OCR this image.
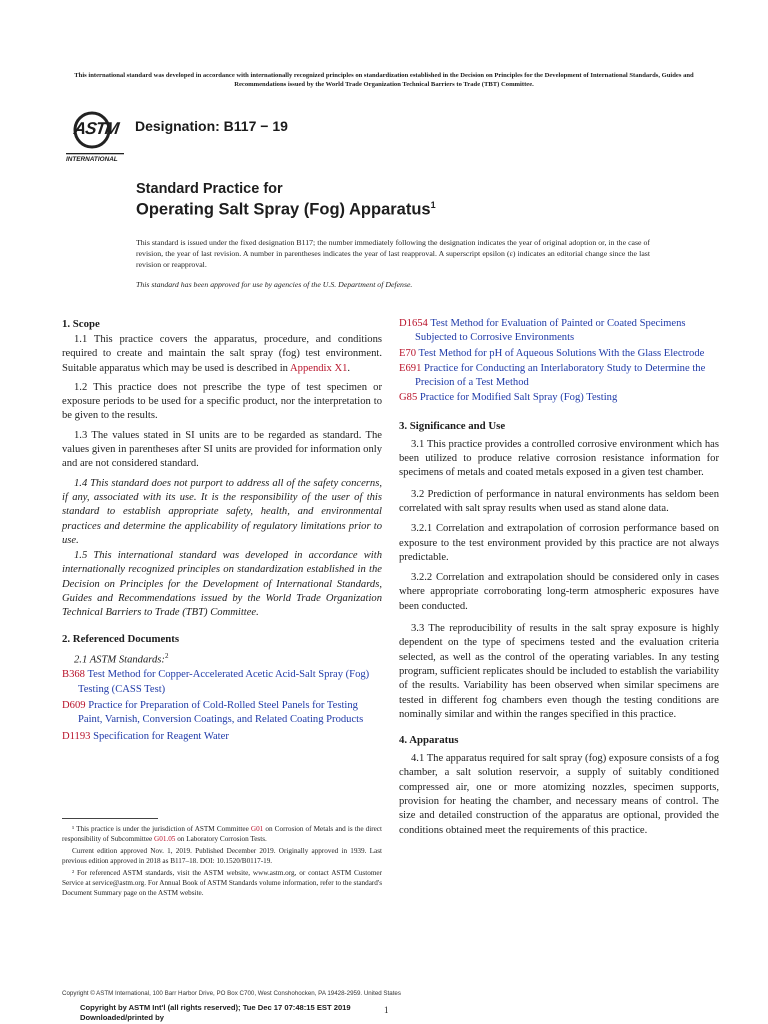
This international standard was developed in accordance with internationally recognized principles on standardization established in the Decision on Principles for the Development of International Standards, Guides and Recommendations issued by the World Trade Organization Technical Barriers to Trade (TBT) Committee.
ASTM
INTERNATIONAL
Designation: B117 − 19
Standard Practice for
Operating Salt Spray (Fog) Apparatus$^1$
This standard is issued under the fixed designation B117; the number immediately following the designation indicates the year of original adoption or, in the case of revision, the year of last revision. A number in parentheses indicates the year of last reapproval. A superscript epsilon (ε) indicates an editorial change since the last revision or reapproval.
This standard has been approved for use by agencies of the U.S. Department of Defense.

1. Scope

1.1 This practice covers the apparatus, procedure, and conditions required to create and maintain the salt spray (fog) test environment. Suitable apparatus which may be used is described in Appendix X1.

1.2 This practice does not prescribe the type of test specimen or exposure periods to be used for a specific product, nor the interpretation to be given to the results.

1.3 The values stated in SI units are to be regarded as standard. The values given in parentheses after SI units are provided for information only and are not considered standard.

1.4 This standard does not purport to address all of the safety concerns, if any, associated with its use. It is the responsibility of the user of this standard to establish appropriate safety, health, and environmental practices and determine the applicability of regulatory limitations prior to use.

1.5 This international standard was developed in accordance with internationally recognized principles on standardization established in the Decision on Principles for the Development of International Standards, Guides and Recommendations issued by the World Trade Organization Technical Barriers to Trade (TBT) Committee.

2. Referenced Documents

2.1 ASTM Standards:$^2$

B368 Test Method for Copper-Accelerated Acetic Acid-Salt Spray (Fog) Testing (CASS Test)

D609 Practice for Preparation of Cold-Rolled Steel Panels for Testing Paint, Varnish, Conversion Coatings, and Related Coating Products

D1193 Specification for Reagent Water

¹ This practice is under the jurisdiction of ASTM Committee G01 on Corrosion of Metals and is the direct responsibility of Subcommittee G01.05 on Laboratory Corrosion Tests.

Current edition approved Nov. 1, 2019. Published December 2019. Originally approved in 1939. Last previous edition approved in 2018 as B117–18. DOI: 10.1520/B0117-19.

² For referenced ASTM standards, visit the ASTM website, www.astm.org, or contact ASTM Customer Service at service@astm.org. For Annual Book of ASTM Standards volume information, refer to the standard's Document Summary page on the ASTM website.

D1654 Test Method for Evaluation of Painted or Coated Specimens Subjected to Corrosive Environments

E70 Test Method for pH of Aqueous Solutions With the Glass Electrode

E691 Practice for Conducting an Interlaboratory Study to Determine the Precision of a Test Method

G85 Practice for Modified Salt Spray (Fog) Testing

3. Significance and Use

3.1 This practice provides a controlled corrosive environment which has been utilized to produce relative corrosion resistance information for specimens of metals and coated metals exposed in a given test chamber.

3.2 Prediction of performance in natural environments has seldom been correlated with salt spray results when used as stand alone data.

3.2.1 Correlation and extrapolation of corrosion performance based on exposure to the test environment provided by this practice are not always predictable.

3.2.2 Correlation and extrapolation should be considered only in cases where appropriate corroborating long-term atmospheric exposures have been conducted.

3.3 The reproducibility of results in the salt spray exposure is highly dependent on the type of specimens tested and the evaluation criteria selected, as well as the control of the operating variables. In any testing program, sufficient replicates should be included to establish the variability of the results. Variability has been observed when similar specimens are tested in different fog chambers even though the testing conditions are nominally similar and within the ranges specified in this practice.

4. Apparatus

4.1 The apparatus required for salt spray (fog) exposure consists of a fog chamber, a salt solution reservoir, a supply of suitably conditioned compressed air, one or more atomizing nozzles, specimen supports, provision for heating the chamber, and necessary means of control. The size and detailed construction of the apparatus are optional, provided the conditions obtained meet the requirements of this practice.

Copyright © ASTM International, 100 Barr Harbor Drive, PO Box C700, West Conshohocken, PA 19428-2959. United States
Copyright by ASTM Int'l (all rights reserved); Tue Dec 17 07:48:15 EST 2019	1
Downloaded/printed by
